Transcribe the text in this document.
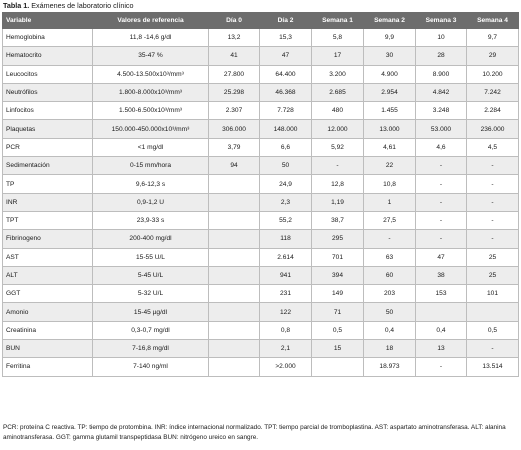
Tabla 1. Exámenes de laboratorio clínico
Variable	Valores de referencia	Día 0	Día 2	Semana 1	Semana 2	Semana 3	Semana 4
Hemoglobina	11,8 -14,6 g/dl	13,2	15,3	5,8	9,9	10	9,7
Hematocrito	35-47 %	41	47	17	30	28	29
Leucocitos	4.500-13.500x10³/mm³	27.800	64.400	3.200	4.900	8.900	10.200
Neutrófilos	1.800-8.000x10³/mm³	25.298	46.368	2.685	2.954	4.842	7.242
Linfocitos	1.500-6.500x10³/mm³	2.307	7.728	480	1.455	3.248	2.284
Plaquetas	150.000-450.000x10³/mm³	306.000	148.000	12.000	13.000	53.000	236.000
PCR	<1 mg/dl	3,79	6,6	5,92	4,61	4,6	4,5
Sedimentación	0-15 mm/hora	94	50	-	22	-	-
TP	9,6-12,3 s		24,9	12,8	10,8	-	-
INR	0,9-1,2 U		2,3	1,19	1	-	-
TPT	23,9-33 s		55,2	38,7	27,5	-	-
Fibrinogeno	200-400 mg/dl		118	295	-	-	-
AST	15-55 U/L		2.614	701	63	47	25
ALT	5-45 U/L		941	394	60	38	25
GGT	5-32 U/L		231	149	203	153	101
Amonio	15-45 µg/dl		122	71	50		
Creatinina	0,3-0,7 mg/dl		0,8	0,5	0,4	0,4	0,5
BUN	7-16,8 mg/dl		2,1	15	18	13	-
Ferritina	7-140 ng/ml		>2.000		18.973	-	13.514
PCR: proteína C reactiva. TP: tiempo de protombina. INR: índice internacional normalizado. TPT: tiempo parcial de tromboplastina. AST: aspartato aminotransferasa. ALT: alanina aminotransferasa. GGT: gamma glutamil transpeptidasa BUN: nitrógeno ureico en sangre.
